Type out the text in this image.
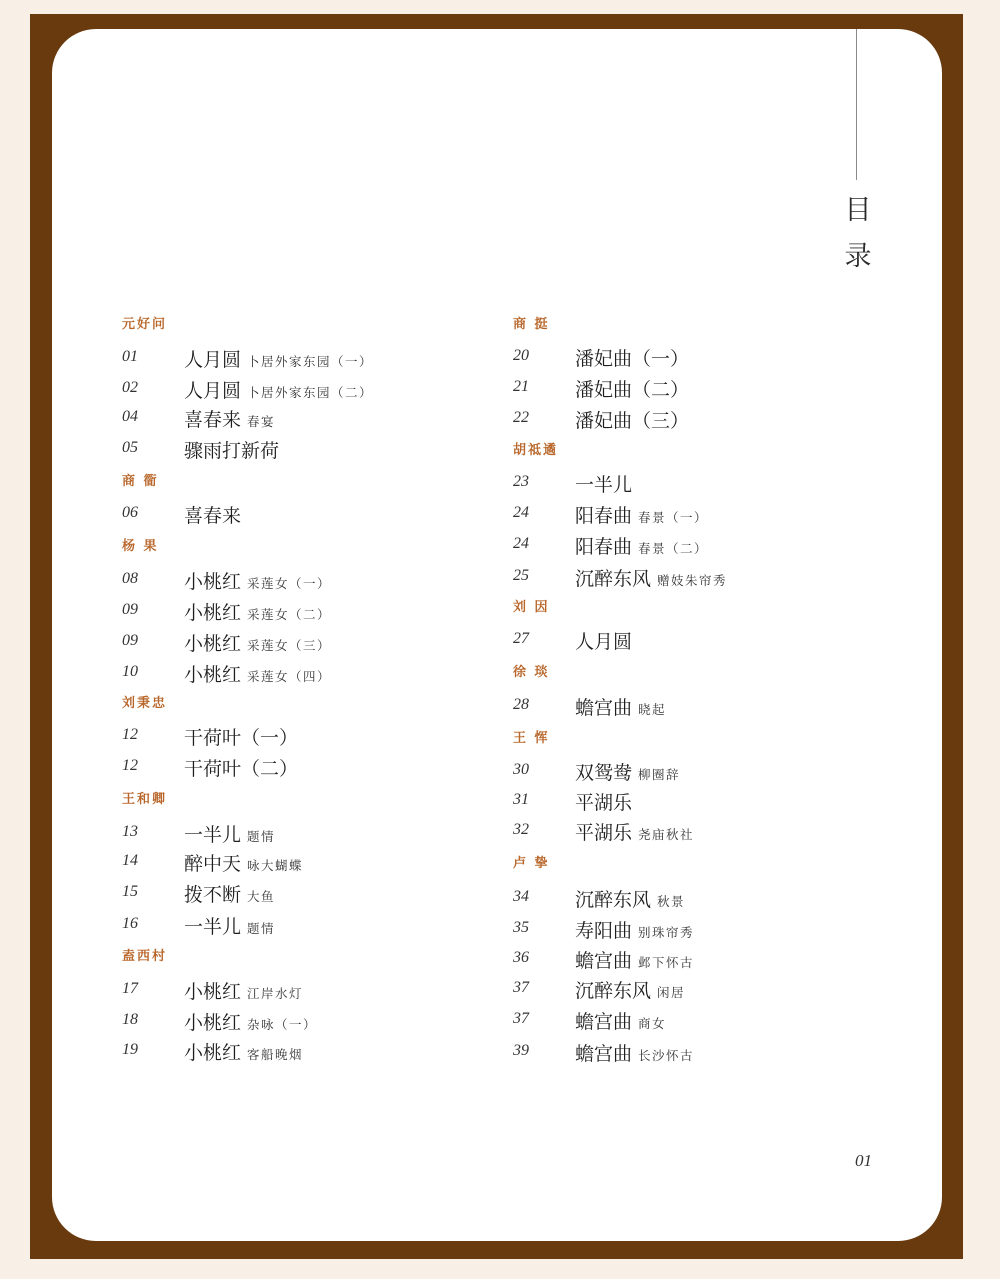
目
录
元好问
01 人月圆 卜居外家东园（一）
02 人月圆 卜居外家东园（二）
04 喜春来 春宴
05 骤雨打新荷
商 衟
06 喜春来
杨 果
08 小桃红 采莲女（一）
09 小桃红 采莲女（二）
09 小桃红 采莲女（三）
10 小桃红 采莲女（四）
刘秉忠
12 干荷叶（一）
12 干荷叶（二）
王和卿
13 一半儿 题情
14 醉中天 咏大蝴蝶
15 拨不断 大鱼
16 一半儿 题情
盍西村
17 小桃红 江岸水灯
18 小桃红 杂咏（一）
19 小桃红 客船晚烟
商 挺
20 潘妃曲（一）
21 潘妃曲（二）
22 潘妃曲（三）
胡祗遹
23 一半儿
24 阳春曲 春景（一）
24 阳春曲 春景（二）
25 沉醉东风 赠妓朱帘秀
刘 因
27 人月圆
徐 琰
28 蟾宫曲 晓起
王 恽
30 双鸳鸯 柳圈辞
31 平湖乐
32 平湖乐 尧庙秋社
卢 挚
34 沉醉东风 秋景
35 寿阳曲 别珠帘秀
36 蟾宫曲 邺下怀古
37 沉醉东风 闲居
37 蟾宫曲 商女
39 蟾宫曲 长沙怀古
01
